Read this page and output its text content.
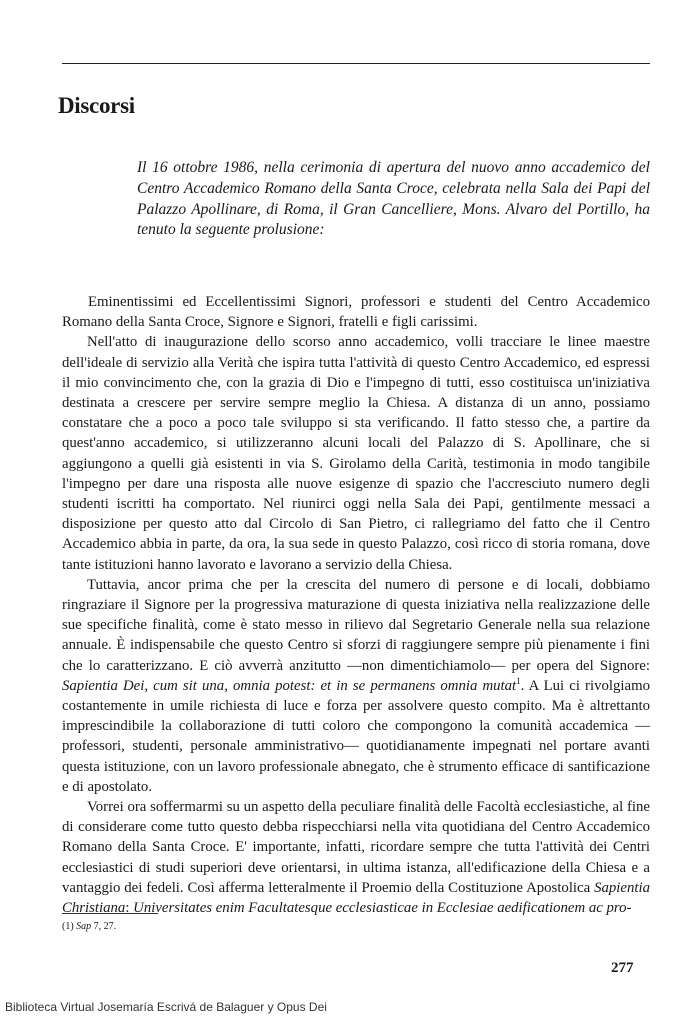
Discorsi
Il 16 ottobre 1986, nella cerimonia di apertura del nuovo anno accademico del Centro Accademico Romano della Santa Croce, celebrata nella Sala dei Papi del Palazzo Apollinare, di Roma, il Gran Cancelliere, Mons. Alvaro del Portillo, ha tenuto la seguente prolusione:

Eminentissimi ed Eccellentissimi Signori, professori e studenti del Centro Accademico Romano della Santa Croce, Signore e Signori, fratelli e figli carissimi.

Nell'atto di inaugurazione dello scorso anno accademico, volli tracciare le linee maestre dell'ideale di servizio alla Verità che ispira tutta l'attività di questo Centro Accademico, ed espressi il mio convincimento che, con la grazia di Dio e l'impegno di tutti, esso costituisca un'iniziativa destinata a crescere per servire sempre meglio la Chiesa. A distanza di un anno, possiamo constatare che a poco a poco tale sviluppo si sta verificando. Il fatto stesso che, a partire da quest'anno accademico, si utilizzeranno alcuni locali del Palazzo di S. Apollinare, che si aggiungono a quelli già esistenti in via S. Girolamo della Carità, testimonia in modo tangibile l'impegno per dare una risposta alle nuove esigenze di spazio che l'accresciuto numero degli studenti iscritti ha comportato. Nel riunirci oggi nella Sala dei Papi, gentilmente messaci a disposizione per questo atto dal Circolo di San Pietro, ci rallegriamo del fatto che il Centro Accademico abbia in parte, da ora, la sua sede in questo Palazzo, così ricco di storia romana, dove tante istituzioni hanno lavorato e lavorano a servizio della Chiesa.

Tuttavia, ancor prima che per la crescita del numero di persone e di locali, dobbiamo ringraziare il Signore per la progressiva maturazione di questa iniziativa nella realizzazione delle sue specifiche finalità, come è stato messo in rilievo dal Segretario Generale nella sua relazione annuale. È indispensabile che questo Centro si sforzi di raggiungere sempre più pienamente i fini che lo caratterizzano. E ciò avverrà anzitutto —non dimentichiamolo— per opera del Signore: Sapientia Dei, cum sit una, omnia potest: et in se permanens omnia mutat$^1$. A Lui ci rivolgiamo costantemente in umile richiesta di luce e forza per assolvere questo compito. Ma è altrettanto imprescindibile la collaborazione di tutti coloro che compongono la comunità accademica —professori, studenti, personale amministrativo— quotidianamente impegnati nel portare avanti questa istituzione, con un lavoro professionale abnegato, che è strumento efficace di santificazione e di apostolato.

Vorrei ora soffermarmi su un aspetto della peculiare finalità delle Facoltà ecclesiastiche, al fine di considerare come tutto questo debba rispecchiarsi nella vita quotidiana del Centro Accademico Romano della Santa Croce. E' importante, infatti, ricordare sempre che tutta l'attività dei Centri ecclesiastici di studi superiori deve orientarsi, in ultima istanza, all'edificazione della Chiesa e a vantaggio dei fedeli. Così afferma letteralmente il Proemio della Costituzione Apostolica Sapientia Christiana: Universitates enim Facultatesque ecclesiasticae in Ecclesiae aedificationem ac pro-

(1) Sap 7, 27.
277
Biblioteca Virtual Josemaría Escrivá de Balaguer y Opus Dei
